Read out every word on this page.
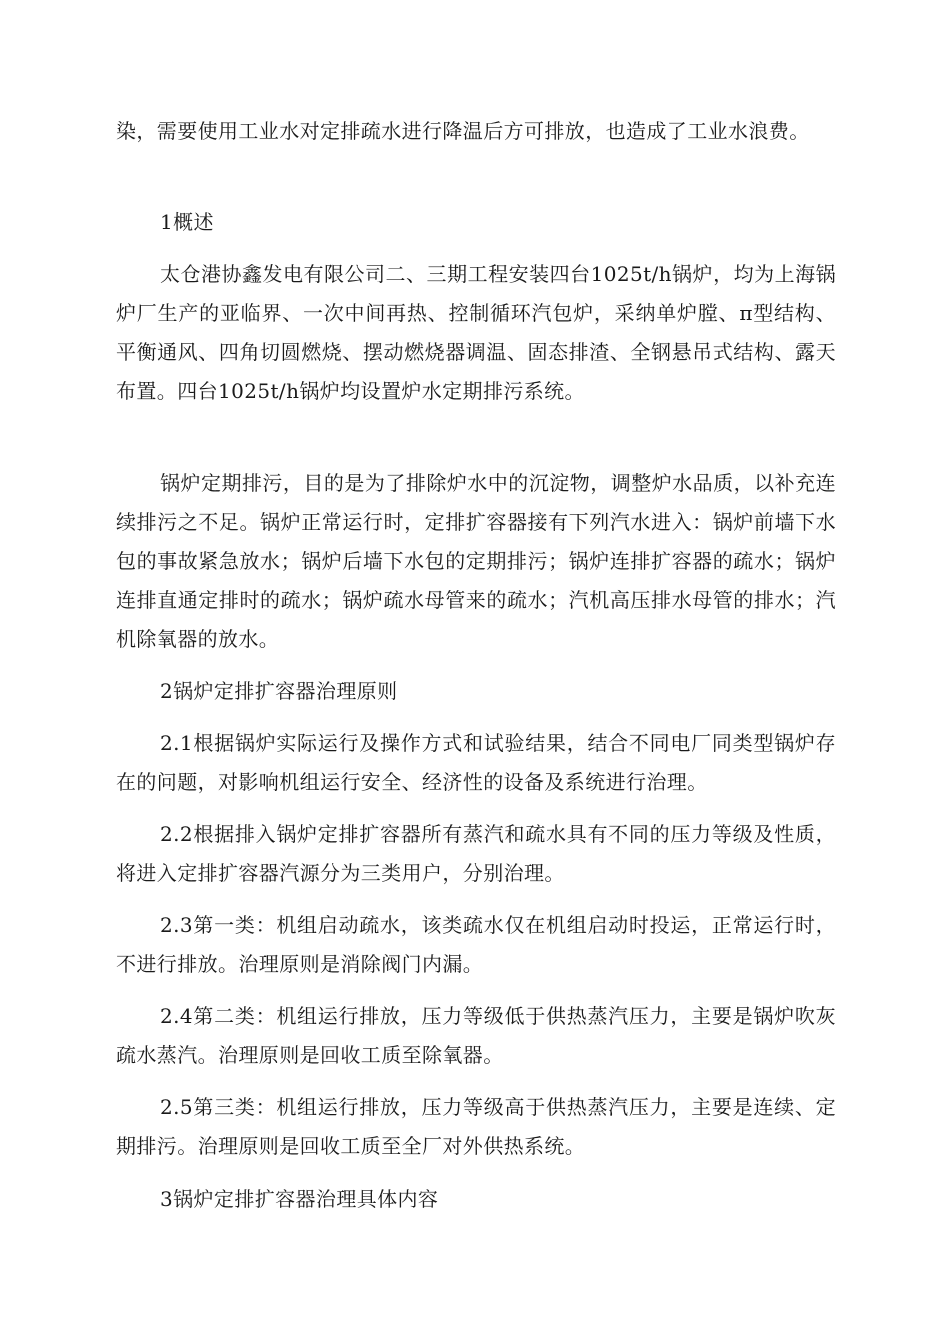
染，需要使用工业水对定排疏水进行降温后方可排放，也造成了工业水浪费。

1概述

太仓港协鑫发电有限公司二、三期工程安装四台1025t/h锅炉，均为上海锅炉厂生产的亚临界、一次中间再热、控制循环汽包炉，采纳单炉膛、π型结构、平衡通风、四角切圆燃烧、摆动燃烧器调温、固态排渣、全钢悬吊式结构、露天布置。四台1025t/h锅炉均设置炉水定期排污系统。

锅炉定期排污，目的是为了排除炉水中的沉淀物，调整炉水品质，以补充连续排污之不足。锅炉正常运行时，定排扩容器接有下列汽水进入：锅炉前墙下水包的事故紧急放水；锅炉后墙下水包的定期排污；锅炉连排扩容器的疏水；锅炉连排直通定排时的疏水；锅炉疏水母管来的疏水；汽机高压排水母管的排水；汽机除氧器的放水。

2锅炉定排扩容器治理原则

2.1根据锅炉实际运行及操作方式和试验结果，结合不同电厂同类型锅炉存在的问题，对影响机组运行安全、经济性的设备及系统进行治理。

2.2根据排入锅炉定排扩容器所有蒸汽和疏水具有不同的压力等级及性质，将进入定排扩容器汽源分为三类用户，分别治理。

2.3第一类：机组启动疏水，该类疏水仅在机组启动时投运，正常运行时，不进行排放。治理原则是消除阀门内漏。

2.4第二类：机组运行排放，压力等级低于供热蒸汽压力，主要是锅炉吹灰疏水蒸汽。治理原则是回收工质至除氧器。

2.5第三类：机组运行排放，压力等级高于供热蒸汽压力，主要是连续、定期排污。治理原则是回收工质至全厂对外供热系统。

3锅炉定排扩容器治理具体内容
